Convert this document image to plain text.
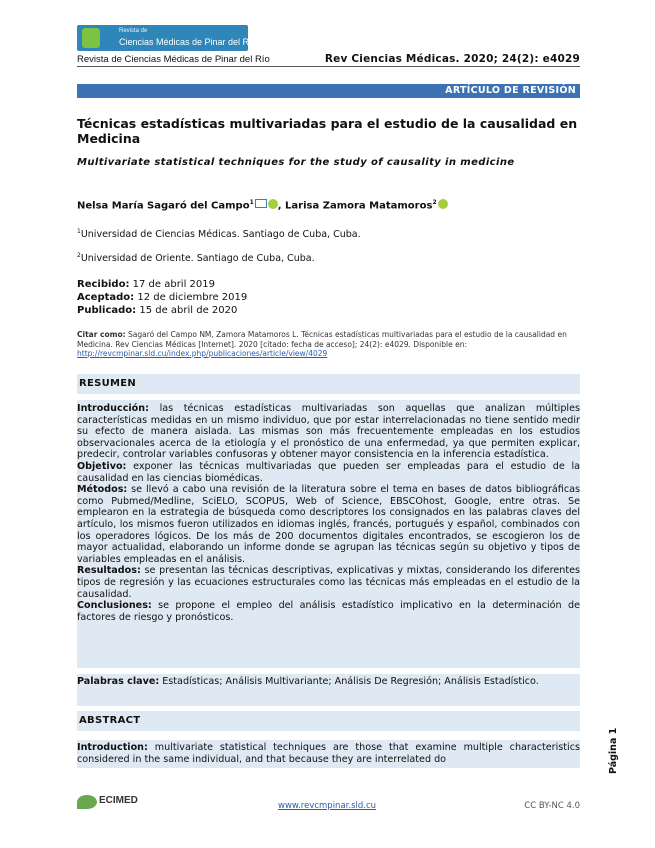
Revista de
Ciencias Médicas de Pinar del Río
Revista de Ciencias Médicas de Pinar del Río	Rev Ciencias Médicas. 2020; 24(2): e4029
ARTÍCULO DE REVISIÓN
Técnicas estadísticas multivariadas para el estudio de la causalidad en Medicina
Multivariate statistical techniques for the study of causality in medicine
Nelsa María Sagaró del Campo$^1$ , Larisa Zamora Matamoros$^2$
$^1$Universidad de Ciencias Médicas. Santiago de Cuba, Cuba.
$^2$Universidad de Oriente. Santiago de Cuba, Cuba.
Recibido: 17 de abril 2019
Aceptado: 12 de diciembre 2019
Publicado: 15 de abril de 2020
Citar como: Sagaró del Campo NM, Zamora Matamoros L. Técnicas estadísticas multivariadas para el estudio de la causalidad en Medicina. Rev Ciencias Médicas [Internet]. 2020 [citado: fecha de acceso]; 24(2): e4029. Disponible en: http://revcmpinar.sld.cu/index.php/publicaciones/article/view/4029
RESUMEN
Introducción: las técnicas estadísticas multivariadas son aquellas que analizan múltiples características medidas en un mismo individuo, que por estar interrelacionadas no tiene sentido medir su efecto de manera aislada. Las mismas son más frecuentemente empleadas en los estudios observacionales acerca de la etiología y el pronóstico de una enfermedad, ya que permiten explicar, predecir, controlar variables confusoras y obtener mayor consistencia en la inferencia estadística.
Objetivo: exponer las técnicas multivariadas que pueden ser empleadas para el estudio de la causalidad en las ciencias biomédicas.
Métodos: se llevó a cabo una revisión de la literatura sobre el tema en bases de datos bibliográficas como Pubmed/Medline, SciELO, SCOPUS, Web of Science, EBSCOhost, Google, entre otras. Se emplearon en la estrategia de búsqueda como descriptores los consignados en las palabras claves del artículo, los mismos fueron utilizados en idiomas inglés, francés, portugués y español, combinados con los operadores lógicos. De los más de 200 documentos digitales encontrados, se escogieron los de mayor actualidad, elaborando un informe donde se agrupan las técnicas según su objetivo y tipos de variables empleadas en el análisis.
Resultados: se presentan las técnicas descriptivas, explicativas y mixtas, considerando los diferentes tipos de regresión y las ecuaciones estructurales como las técnicas más empleadas en el estudio de la causalidad.
Conclusiones: se propone el empleo del análisis estadístico implicativo en la determinación de factores de riesgo y pronósticos.
Palabras clave: Estadísticas; Análisis Multivariante; Análisis De Regresión; Análisis Estadístico.
ABSTRACT
Introduction: multivariate statistical techniques are those that examine multiple characteristics considered in the same individual, and that because they are interrelated do
ECIMED	www.revcmpinar.sld.cu	CC BY-NC 4.0
Página 1
